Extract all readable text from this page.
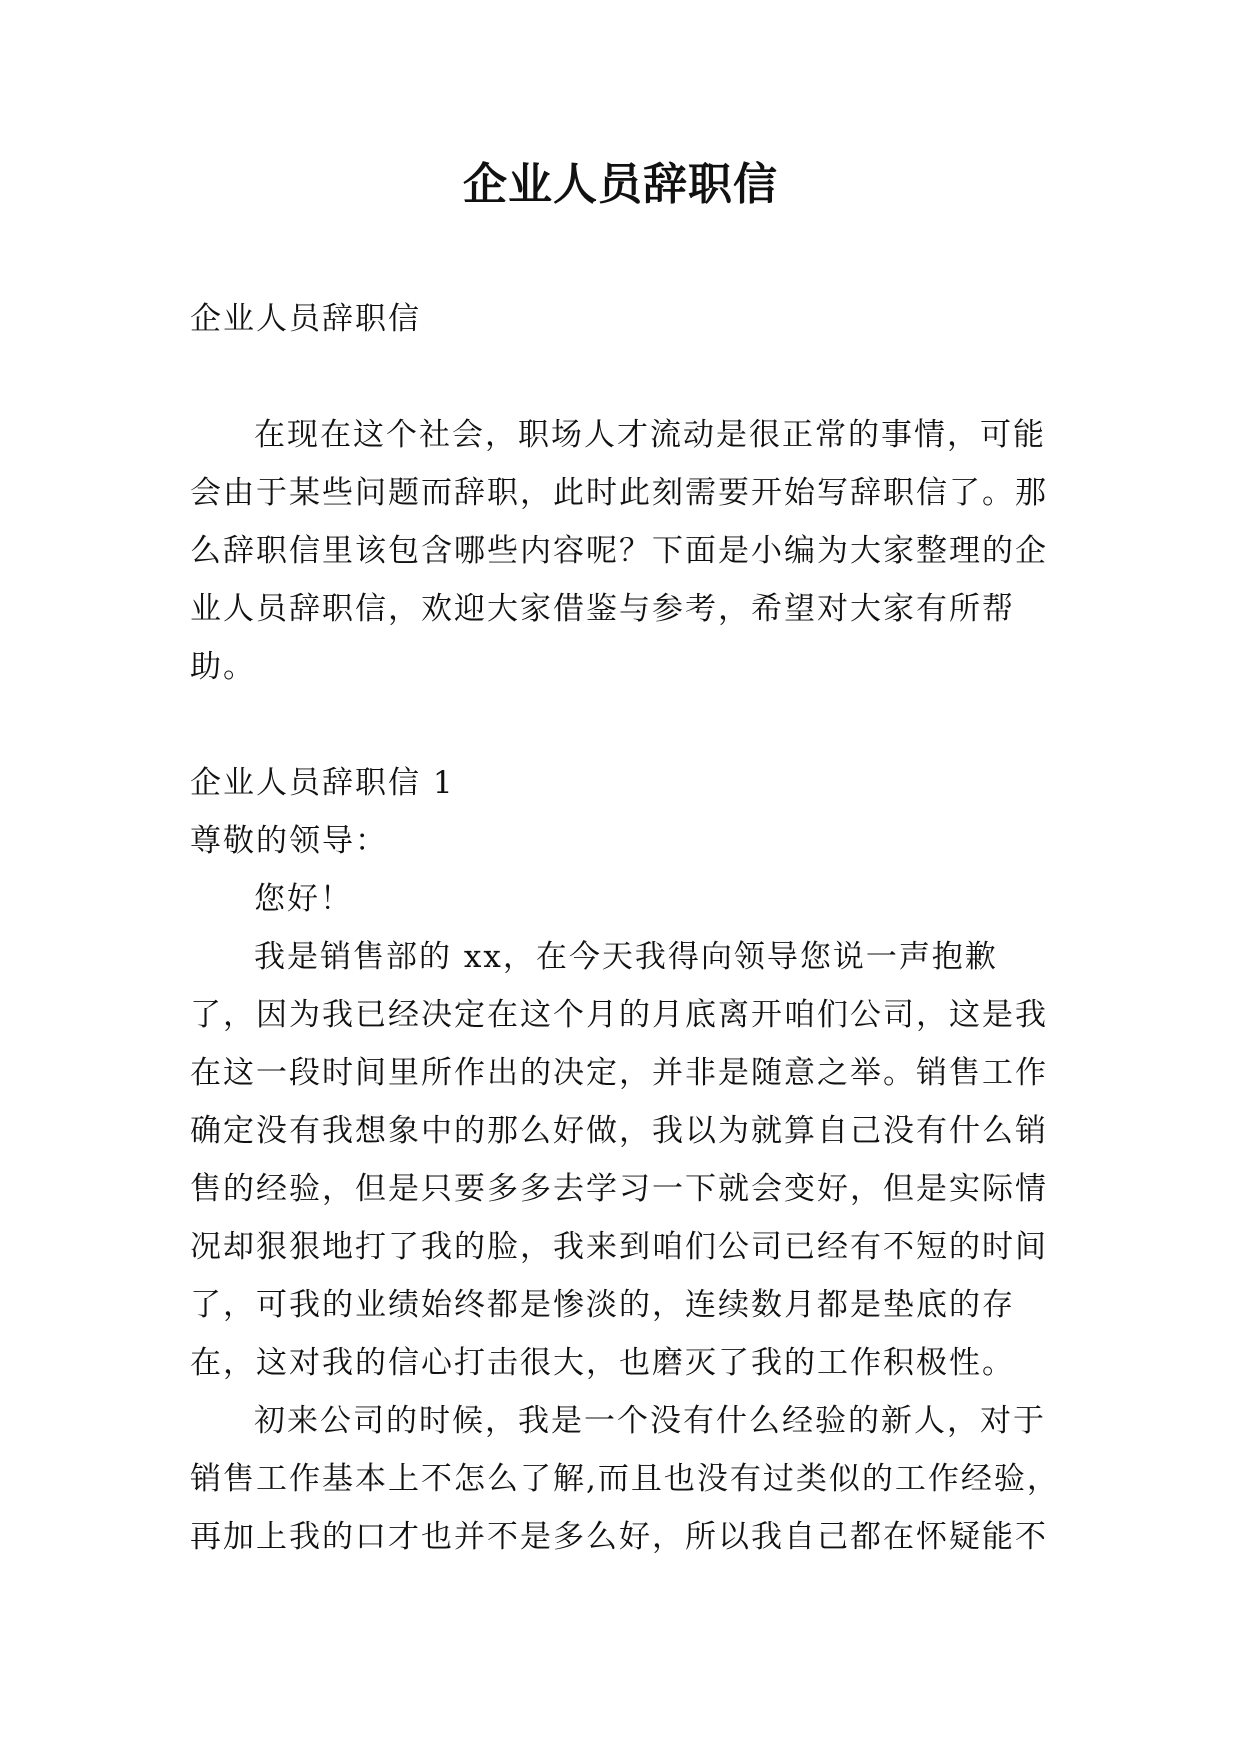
企业人员辞职信

企业人员辞职信

在现在这个社会，职场人才流动是很正常的事情，可能会由于某些问题而辞职，此时此刻需要开始写辞职信了。那么辞职信里该包含哪些内容呢？下面是小编为大家整理的企业人员辞职信，欢迎大家借鉴与参考，希望对大家有所帮助。

企业人员辞职信 1

尊敬的领导：

您好！

我是销售部的 xx，在今天我得向领导您说一声抱歉了，因为我已经决定在这个月的月底离开咱们公司，这是我在这一段时间里所作出的决定，并非是随意之举。销售工作确定没有我想象中的那么好做，我以为就算自己没有什么销售的经验，但是只要多多去学习一下就会变好，但是实际情况却狠狠地打了我的脸，我来到咱们公司已经有不短的时间了，可我的业绩始终都是惨淡的，连续数月都是垫底的存在，这对我的信心打击很大，也磨灭了我的工作积极性。

初来公司的时候，我是一个没有什么经验的新人，对于销售工作基本上不怎么了解,而且也没有过类似的工作经验，再加上我的口才也并不是多么好，所以我自己都在怀疑能不
